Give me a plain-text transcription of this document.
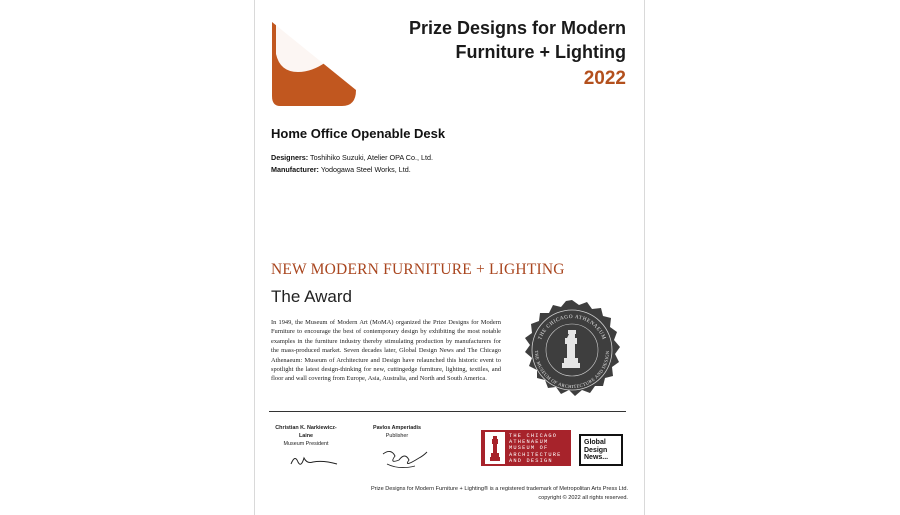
Prize Designs for Modern
Furniture + Lighting
2022
Home Office Openable Desk
Designers: Toshihiko Suzuki, Atelier OPA Co., Ltd.
Manufacturer: Yodogawa Steel Works, Ltd.
NEW MODERN FURNITURE + LIGHTING
The Award
In 1949, the Museum of Modern Art (MoMA) organized the Prize Designs for Modern Furniture to encourage the best of contemporary design by exhibiting the most notable examples in the furniture industry thereby stimulating production by manufacturers for the mass-produced market. Seven decades later, Global Design News and The Chicago Athenaeum: Museum of Architecture and Design have relaunched this historic event to spotlight the latest design-thinking for new, cuttingedge furniture, lighting, textiles, and floor and wall covering from Europe, Asia, Australia, and North and South America.
THE CHICAGO ATHENAEUM
THE MUSEUM OF ARCHITECTURE AND DESIGN
Christian K. Narkiewicz-Laine
Museum President
Pavlos Amperiadis
Publisher	THE CHICAGO
ATHENAEUM
MUSEUM OF
ARCHITECTURE
AND DESIGN
Global
Design
News...
Prize Designs for Modern Furniture + Lighting® is a registered trademark of Metropolitan Arts Press Ltd.
copyright © 2022 all rights reserved.
